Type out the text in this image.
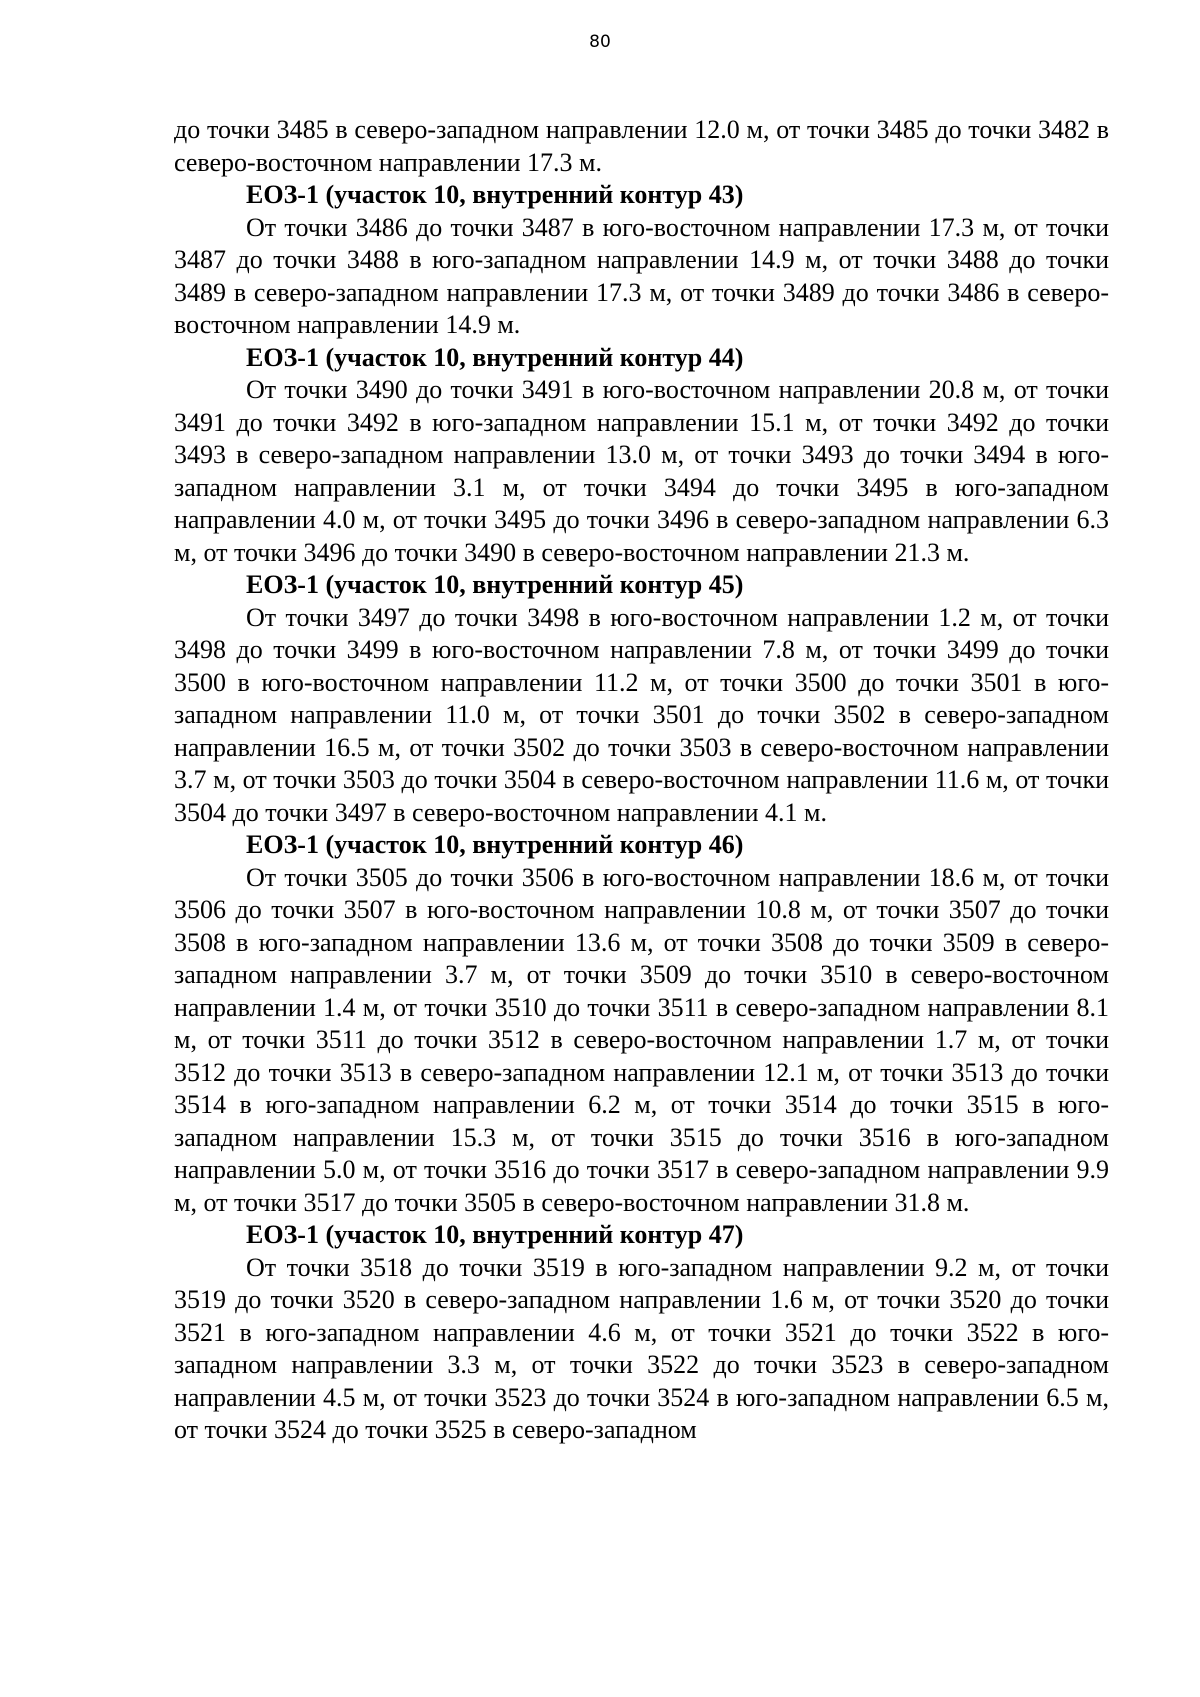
80

до точки 3485 в северо-западном направлении 12.0 м, от точки 3485 до точки 3482 в северо-восточном направлении 17.3 м.

ЕОЗ-1 (участок 10, внутренний контур 43)

От точки 3486 до точки 3487 в юго-восточном направлении 17.3 м, от точки 3487 до точки 3488 в юго-западном направлении 14.9 м, от точки 3488 до точки 3489 в северо-западном направлении 17.3 м, от точки 3489 до точки 3486 в северо-восточном направлении 14.9 м.

ЕОЗ-1 (участок 10, внутренний контур 44)

От точки 3490 до точки 3491 в юго-восточном направлении 20.8 м, от точки 3491 до точки 3492 в юго-западном направлении 15.1 м, от точки 3492 до точки 3493 в северо-западном направлении 13.0 м, от точки 3493 до точки 3494 в юго-западном направлении 3.1 м, от точки 3494 до точки 3495 в юго-западном направлении 4.0 м, от точки 3495 до точки 3496 в северо-западном направлении 6.3 м, от точки 3496 до точки 3490 в северо-восточном направлении 21.3 м.

ЕОЗ-1 (участок 10, внутренний контур 45)

От точки 3497 до точки 3498 в юго-восточном направлении 1.2 м, от точки 3498 до точки 3499 в юго-восточном направлении 7.8 м, от точки 3499 до точки 3500 в юго-восточном направлении 11.2 м, от точки 3500 до точки 3501 в юго-западном направлении 11.0 м, от точки 3501 до точки 3502 в северо-западном направлении 16.5 м, от точки 3502 до точки 3503 в северо-восточном направлении 3.7 м, от точки 3503 до точки 3504 в северо-восточном направлении 11.6 м, от точки 3504 до точки 3497 в северо-восточном направлении 4.1 м.

ЕОЗ-1 (участок 10, внутренний контур 46)

От точки 3505 до точки 3506 в юго-восточном направлении 18.6 м, от точки 3506 до точки 3507 в юго-восточном направлении 10.8 м, от точки 3507 до точки 3508 в юго-западном направлении 13.6 м, от точки 3508 до точки 3509 в северо-западном направлении 3.7 м, от точки 3509 до точки 3510 в северо-восточном направлении 1.4 м, от точки 3510 до точки 3511 в северо-западном направлении 8.1 м, от точки 3511 до точки 3512 в северо-восточном направлении 1.7 м, от точки 3512 до точки 3513 в северо-западном направлении 12.1 м, от точки 3513 до точки 3514 в юго-западном направлении 6.2 м, от точки 3514 до точки 3515 в юго-западном направлении 15.3 м, от точки 3515 до точки 3516 в юго-западном направлении 5.0 м, от точки 3516 до точки 3517 в северо-западном направлении 9.9 м, от точки 3517 до точки 3505 в северо-восточном направлении 31.8 м.

ЕОЗ-1 (участок 10, внутренний контур 47)

От точки 3518 до точки 3519 в юго-западном направлении 9.2 м, от точки 3519 до точки 3520 в северо-западном направлении 1.6 м, от точки 3520 до точки 3521 в юго-западном направлении 4.6 м, от точки 3521 до точки 3522 в юго-западном направлении 3.3 м, от точки 3522 до точки 3523 в северо-западном направлении 4.5 м, от точки 3523 до точки 3524 в юго-западном направлении 6.5 м, от точки 3524 до точки 3525 в северо-западном
